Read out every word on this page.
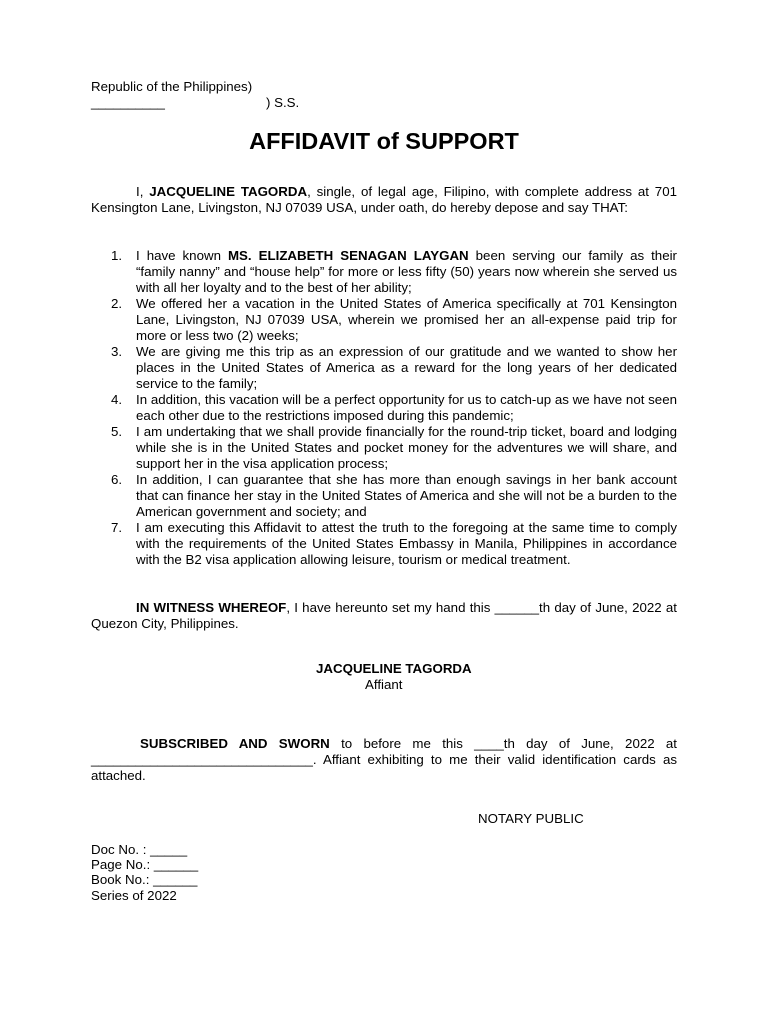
Republic of the Philippines)
__________	) S.S.
AFFIDAVIT of SUPPORT
I, JACQUELINE TAGORDA, single, of legal age, Filipino, with complete address at 701 Kensington Lane, Livingston, NJ 07039 USA, under oath, do hereby depose and say THAT:
1.	I have known MS. ELIZABETH SENAGAN LAYGAN been serving our family as their “family nanny” and “house help” for more or less fifty (50) years now wherein she served us with all her loyalty and to the best of her ability;
2.	We offered her a vacation in the United States of America specifically at 701 Kensington Lane, Livingston, NJ 07039 USA, wherein we promised her an all-expense paid trip for more or less two (2) weeks;
3.	We are giving me this trip as an expression of our gratitude and we wanted to show her places in the United States of America as a reward for the long years of her dedicated service to the family;
4.	In addition, this vacation will be a perfect opportunity for us to catch-up as we have not seen each other due to the restrictions imposed during this pandemic;
5.	I am undertaking that we shall provide financially for the round-trip ticket, board and lodging while she is in the United States and pocket money for the adventures we will share, and support her in the visa application process;
6.	In addition, I can guarantee that she has more than enough savings in her bank account that can finance her stay in the United States of America and she will not be a burden to the American government and society; and
7.	I am executing this Affidavit to attest the truth to the foregoing at the same time to comply with the requirements of the United States Embassy in Manila, Philippines in accordance with the B2 visa application allowing leisure, tourism or medical treatment.
IN WITNESS WHEREOF, I have hereunto set my hand this ______th day of June, 2022 at Quezon City, Philippines.
JACQUELINE TAGORDA
Affiant
SUBSCRIBED AND SWORN to before me this ____th day of June, 2022 at ______________________________. Affiant exhibiting to me their valid identification cards as attached.
NOTARY PUBLIC
Doc No. : _____
Page No.: ______
Book No.: ______
Series of 2022
